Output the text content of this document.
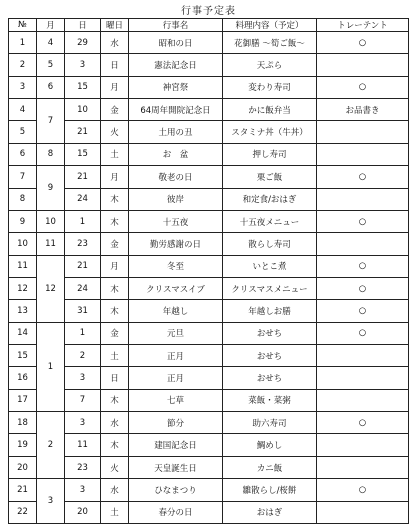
行事予定表
№	月	日	曜日	行事名	料理内容（予定）	トレーテント
1	4	29	水	昭和の日	花御膳 ～筍ご飯～	○
2	5	3	日	憲法記念日	天ぷら	
3	6	15	月	神宮祭	変わり寿司	○
4	7	10	金	64周年開院記念日	かに飯弁当	お品書き
5		21	火	土用の丑	スタミナ丼（牛丼）	
6	8	15	土	お　盆	押し寿司	
7	9	21	月	敬老の日	栗ご飯	○
8		24	木	彼岸	和定食/おはぎ	
9	10	1	木	十五夜	十五夜メニュー	○
10	11	23	金	勤労感謝の日	散らし寿司	
11	12	21	月	冬至	いとこ煮	○
12		24	木	クリスマスイブ	クリスマスメニュー	○
13		31	木	年越し	年越しお膳	○
14	1	1	金	元旦	おせち	○
15		2	土	正月	おせち	
16		3	日	正月	おせち	
17		7	木	七草	菜飯・菜粥	
18	2	3	水	節分	助六寿司	○
19		11	木	建国記念日	鯛めし	
20		23	火	天皇誕生日	カニ飯	
21	3	3	水	ひなまつり	雛散らし/桜餅	○
22		20	土	春分の日	おはぎ	
